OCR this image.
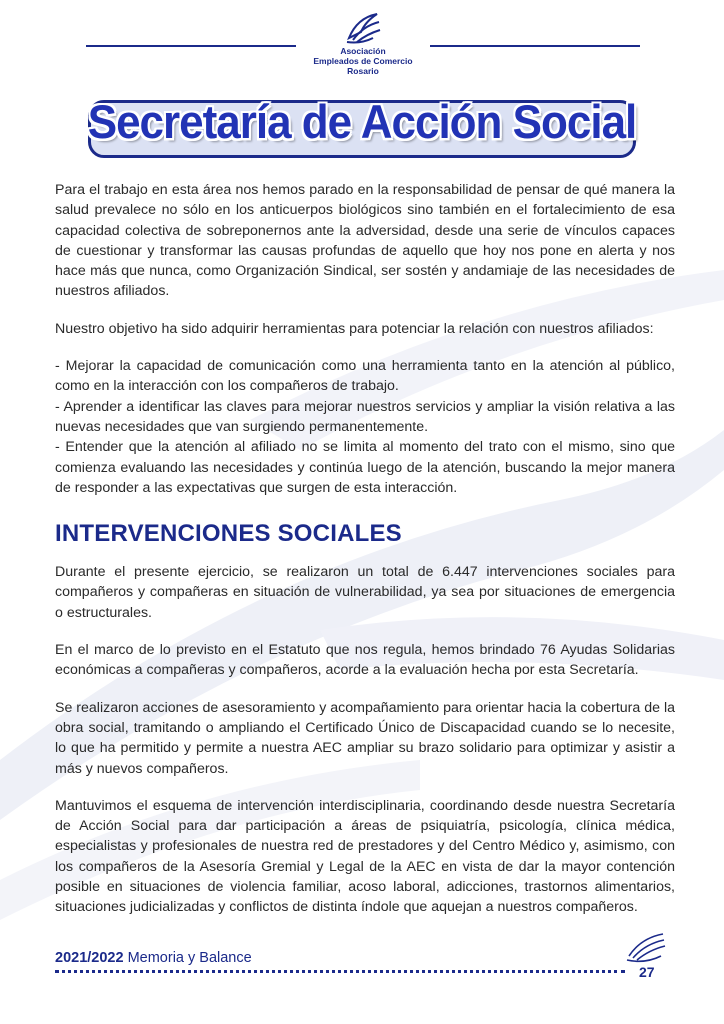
Asociación
Empleados de Comercio
Rosario
Secretaría de Acción Social

Para el trabajo en esta área nos hemos parado en la responsabilidad de pensar de qué manera la salud prevalece no sólo en los anticuerpos biológicos sino también en el fortalecimiento de esa capacidad colectiva de sobreponernos ante la adversidad, desde una serie de vínculos capaces de cuestionar y transformar las causas profundas de aquello que hoy nos pone en alerta y nos hace más que nunca, como Organización Sindical, ser sostén y andamiaje de las necesidades de nuestros afiliados.

Nuestro objetivo ha sido adquirir herramientas para potenciar la relación con nuestros afiliados:

- Mejorar la capacidad de comunicación como una herramienta tanto en la atención al público, como en la interacción con los compañeros de trabajo.

- Aprender a identificar las claves para mejorar nuestros servicios y ampliar la visión relativa a las nuevas necesidades que van surgiendo permanentemente.

- Entender que la atención al afiliado no se limita al momento del trato con el mismo, sino que comienza evaluando las necesidades y continúa luego de la atención, buscando la mejor manera de responder a las expectativas que surgen de esta interacción.

INTERVENCIONES SOCIALES

Durante el presente ejercicio, se realizaron un total de 6.447 intervenciones sociales para compañeros y compañeras en situación de vulnerabilidad, ya sea por situaciones de emergencia o estructurales.

En el marco de lo previsto en el Estatuto que nos regula, hemos brindado 76 Ayudas Solidarias económicas a compañeras y compañeros, acorde a la evaluación hecha por esta Secretaría.

Se realizaron acciones de asesoramiento y acompañamiento para orientar hacia la cobertura de la obra social, tramitando o ampliando el Certificado Único de Discapacidad cuando se lo necesite, lo que ha permitido y permite a nuestra AEC ampliar su brazo solidario para optimizar y asistir a más y nuevos compañeros.

Mantuvimos el esquema de intervención interdisciplinaria, coordinando desde nuestra Secretaría de Acción Social para dar participación a áreas de psiquiatría, psicología, clínica médica, especialistas y profesionales de nuestra red de prestadores y del Centro Médico y, asimismo, con los compañeros de la Asesoría Gremial y Legal de la AEC en vista de dar la mayor contención posible en situaciones de violencia familiar, acoso laboral, adicciones, trastornos alimentarios, situaciones judicializadas y conflictos de distinta índole que aquejan a nuestros compañeros.

2021/2022 Memoria y Balance
27
